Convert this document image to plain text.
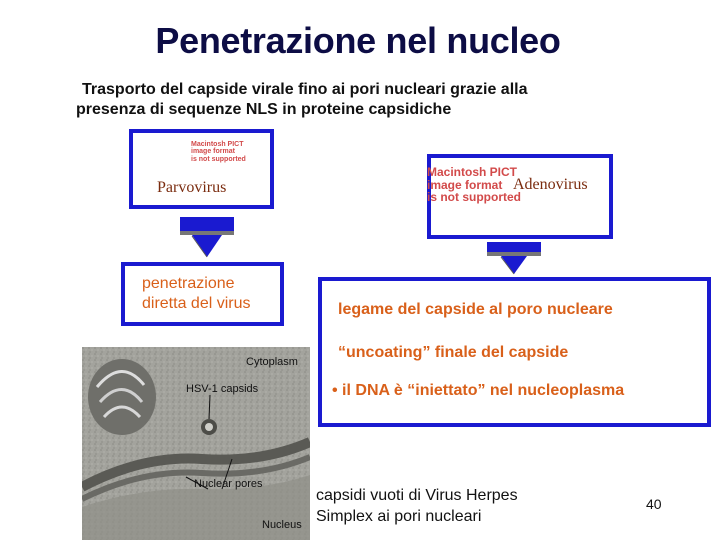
Penetrazione nel nucleo
Trasporto del capside virale fino ai pori nucleari grazie alla
presenza di sequenze NLS in proteine capsidiche
Macintosh PICT
image format
is not supported
Parvovirus
Macintosh PICT
image format
is not supported
Adenovirus
penetrazione
diretta del virus	legame del capside al poro nucleare
“uncoating” finale del capside
• il DNA è “iniettato” nel nucleoplasma
Cytoplasm
HSV-1 capsids
Nuclear pores
Nucleus
capsidi vuoti di Virus Herpes
Simplex ai pori nucleari
40
